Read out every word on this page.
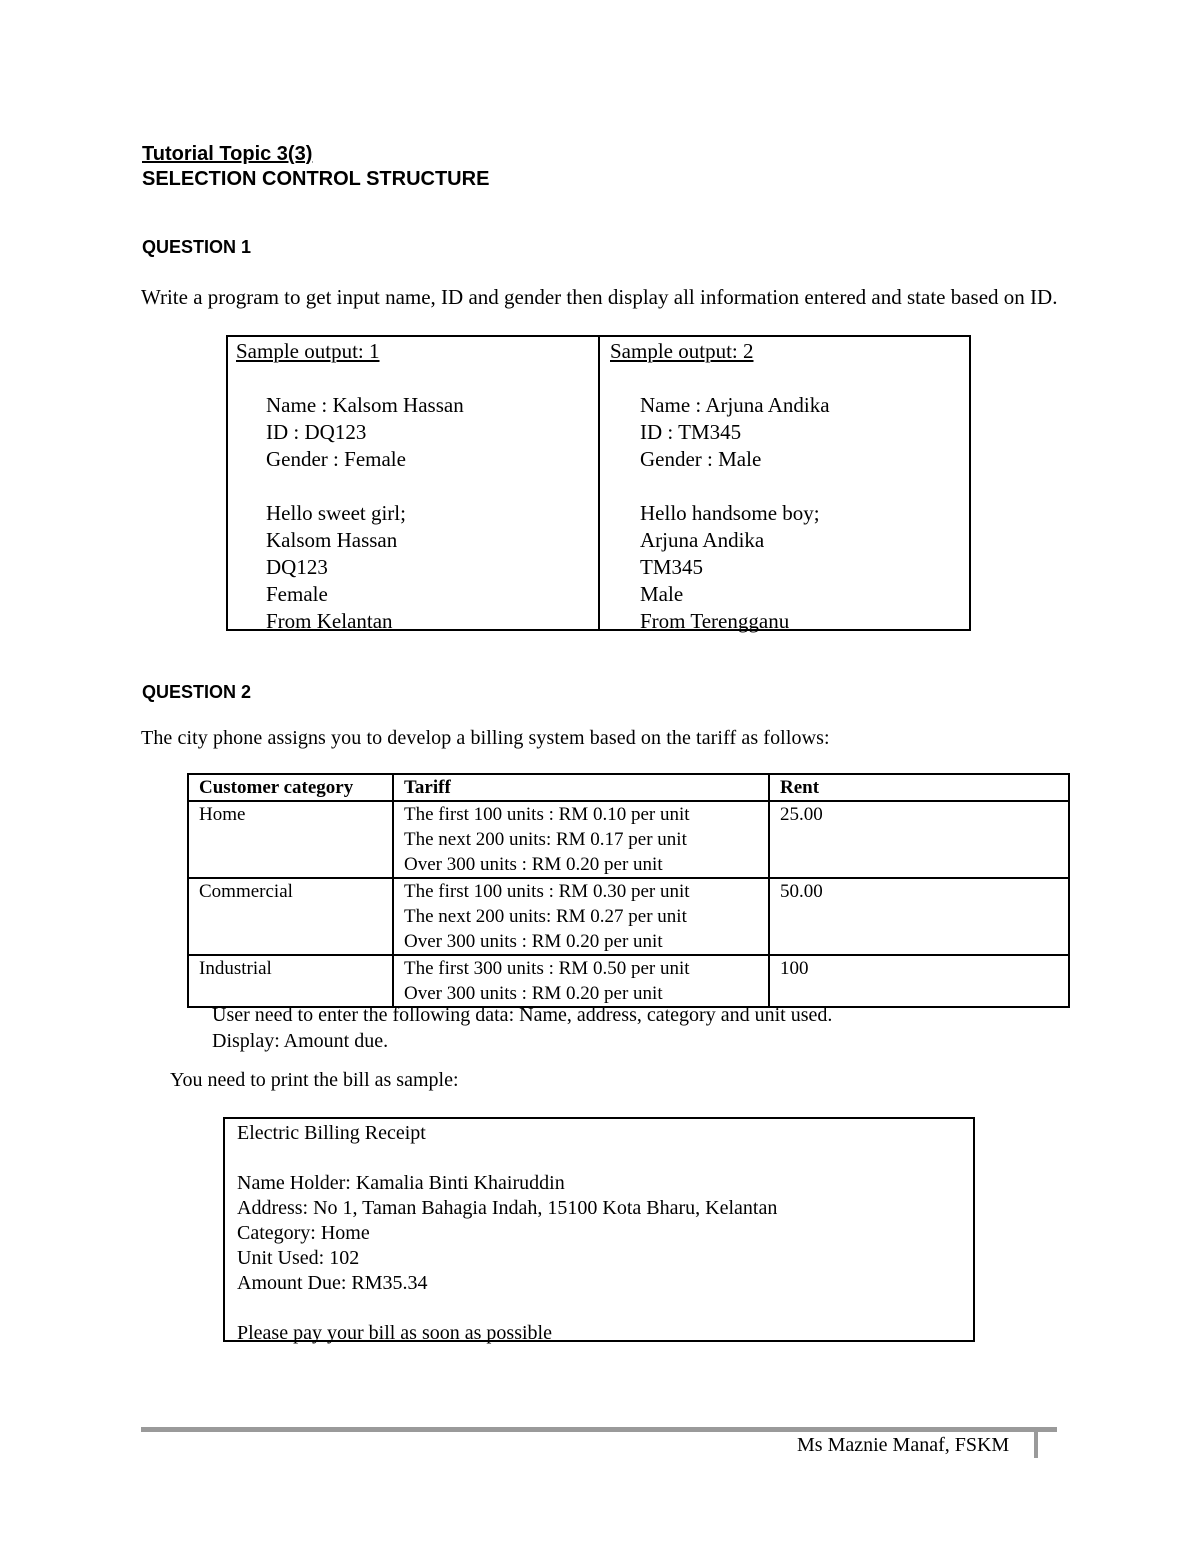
Tutorial Topic 3(3)
SELECTION CONTROL STRUCTURE
QUESTION 1
Write a program to get input name, ID and gender then display all information entered and state based on ID.
Sample output: 1
Name : Kalsom Hassan
ID : DQ123
Gender : Female
Hello sweet girl;
Kalsom Hassan
DQ123
Female
From Kelantan
Sample output: 2
Name : Arjuna Andika
ID : TM345
Gender : Male
Hello handsome boy;
Arjuna Andika
TM345
Male
From Terengganu
QUESTION 2
The city phone assigns you to develop a billing system based on the tariff as follows:
Customer category	Tariff	Rent
Home	The first 100 units : RM 0.10 per unit
The next 200 units: RM 0.17 per unit
Over 300 units : RM 0.20 per unit	25.00
Commercial	The first 100 units : RM 0.30 per unit
The next 200 units: RM 0.27 per unit
Over 300 units : RM 0.20 per unit	50.00
Industrial	The first 300 units : RM 0.50 per unit
Over 300 units : RM 0.20 per unit	100
User need to enter the following data: Name, address, category and unit used.
Display: Amount due.
You need to print the bill as sample:
Electric Billing Receipt
Name Holder: Kamalia Binti Khairuddin
Address: No 1, Taman Bahagia Indah, 15100 Kota Bharu, Kelantan
Category: Home
Unit Used: 102
Amount Due: RM35.34
Please pay your bill as soon as possible
Ms Maznie Manaf, FSKM
